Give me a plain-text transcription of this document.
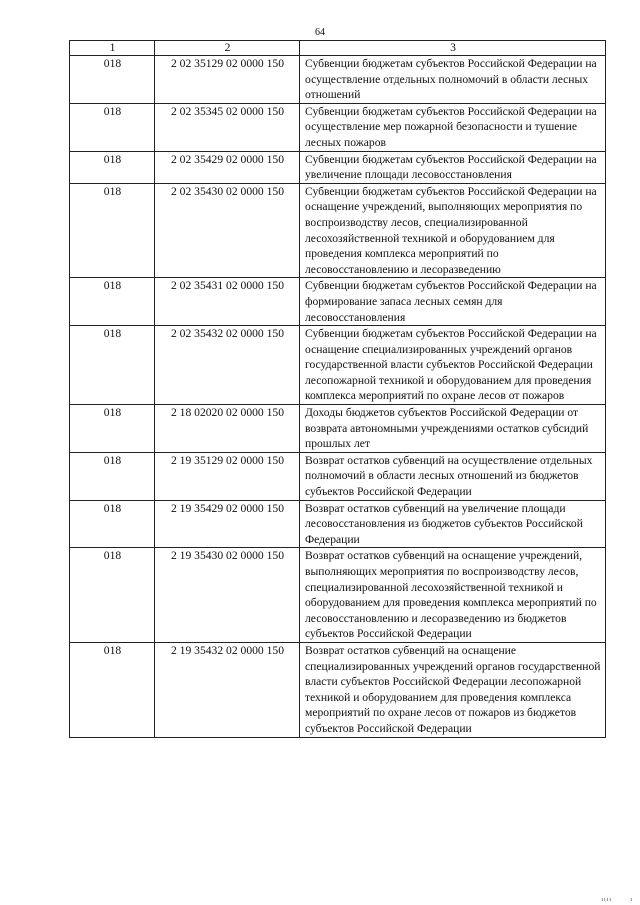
64
1	2	3
018	2 02 35129 02 0000 150	Субвенции бюджетам субъектов Российской Федерации на осуществление отдельных полномочий в области лесных отношений
018	2 02 35345 02 0000 150	Субвенции бюджетам субъектов Российской Федерации на осуществление мер пожарной безопасности и тушение лесных пожаров
018	2 02 35429 02 0000 150	Субвенции бюджетам субъектов Российской Федерации на увеличение площади лесовосстановления
018	2 02 35430 02 0000 150	Субвенции бюджетам субъектов Российской Федерации на оснащение учреждений, выполняющих мероприятия по воспроизводству лесов, специализированной лесохозяйственной техникой и оборудованием для проведения комплекса мероприятий по лесовосстановлению и лесоразведению
018	2 02 35431 02 0000 150	Субвенции бюджетам субъектов Российской Федерации на формирование запаса лесных семян для лесовосстановления
018	2 02 35432 02 0000 150	Субвенции бюджетам субъектов Российской Федерации на оснащение специализированных учреждений органов государственной власти субъектов Российской Федерации лесопожарной техникой и оборудованием для проведения комплекса мероприятий по охране лесов от пожаров
018	2 18 02020 02 0000 150	Доходы бюджетов субъектов Российской Федерации от возврата автономными учреждениями остатков субсидий прошлых лет
018	2 19 35129 02 0000 150	Возврат остатков субвенций на осуществление отдельных полномочий в области лесных отношений из бюджетов субъектов Российской Федерации
018	2 19 35429 02 0000 150	Возврат остатков субвенций на увеличение площади лесовосстановления из бюджетов субъектов Российской Федерации
018	2 19 35430 02 0000 150	Возврат остатков субвенций на оснащение учреждений, выполняющих мероприятия по воспроизводству лесов, специализированной лесохозяйственной техникой и оборудованием для проведения комплекса мероприятий по лесовосстановлению и лесоразведению из бюджетов субъектов Российской Федерации
018	2 19 35432 02 0000 150	Возврат остатков субвенций на оснащение специализированных учреждений органов государственной власти субъектов Российской Федерации лесопожарной техникой и оборудованием для проведения комплекса мероприятий по охране лесов от пожаров из бюджетов субъектов Российской Федерации
ıııı	ı
